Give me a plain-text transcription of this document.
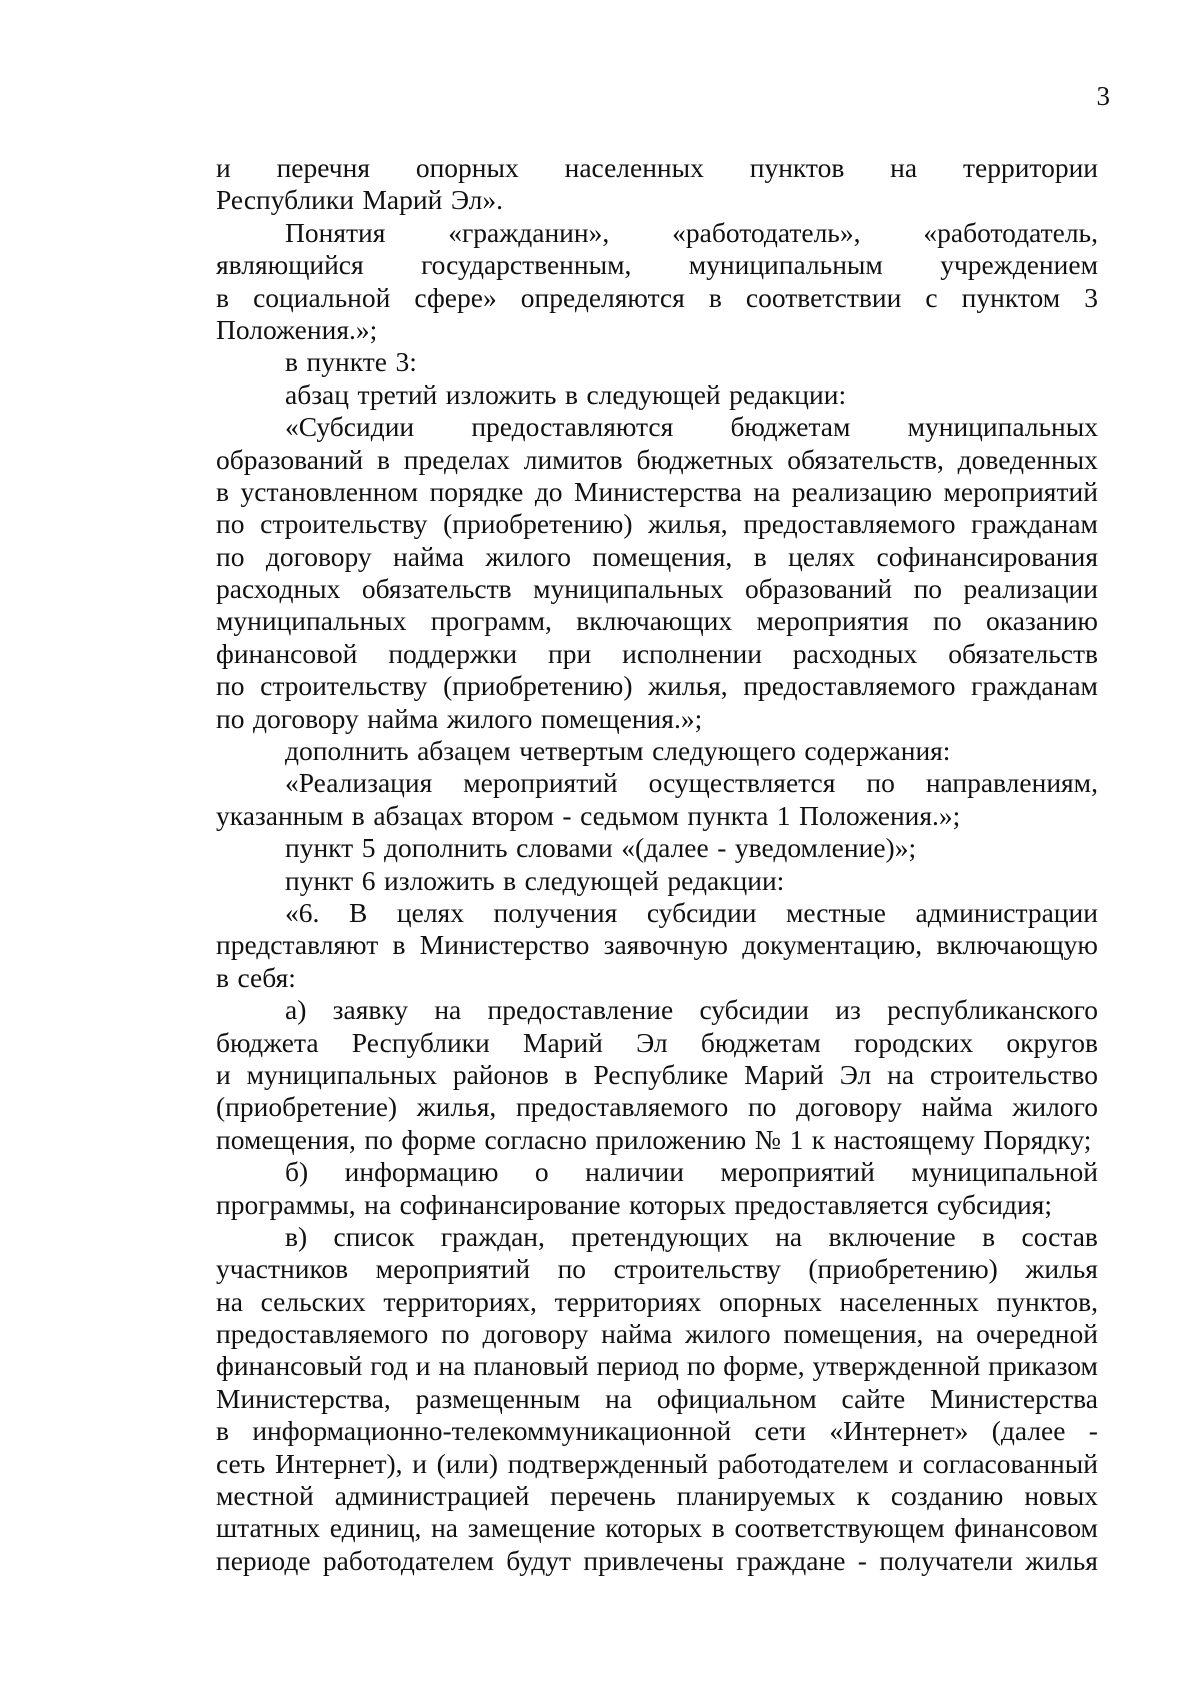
3
и перечня опорных населенных пунктов на территории
Республики Марий Эл».
Понятия «гражданин», «работодатель», «работодатель,
являющийся государственным, муниципальным учреждением
в социальной сфере» определяются в соответствии с пунктом 3
Положения.»;
в пункте 3:
абзац третий изложить в следующей редакции:
«Субсидии предоставляются бюджетам муниципальных
образований в пределах лимитов бюджетных обязательств, доведенных
в установленном порядке до Министерства на реализацию мероприятий
по строительству (приобретению) жилья, предоставляемого гражданам
по договору найма жилого помещения, в целях софинансирования
расходных обязательств муниципальных образований по реализации
муниципальных программ, включающих мероприятия по оказанию
финансовой поддержки при исполнении расходных обязательств
по строительству (приобретению) жилья, предоставляемого гражданам
по договору найма жилого помещения.»;
дополнить абзацем четвертым следующего содержания:
«Реализация мероприятий осуществляется по направлениям,
указанным в абзацах втором - седьмом пункта 1 Положения.»;
пункт 5 дополнить словами «(далее - уведомление)»;
пункт 6 изложить в следующей редакции:
«6. В целях получения субсидии местные администрации
представляют в Министерство заявочную документацию, включающую
в себя:
а) заявку на предоставление субсидии из республиканского
бюджета Республики Марий Эл бюджетам городских округов
и муниципальных районов в Республике Марий Эл на строительство
(приобретение) жилья, предоставляемого по договору найма жилого
помещения, по форме согласно приложению № 1 к настоящему Порядку;
б) информацию о наличии мероприятий муниципальной
программы, на софинансирование которых предоставляется субсидия;
в) список граждан, претендующих на включение в состав
участников мероприятий по строительству (приобретению) жилья
на сельских территориях, территориях опорных населенных пунктов,
предоставляемого по договору найма жилого помещения, на очередной
финансовый год и на плановый период по форме, утвержденной приказом
Министерства, размещенным на официальном сайте Министерства
в информационно-телекоммуникационной сети «Интернет» (далее -
сеть Интернет), и (или) подтвержденный работодателем и согласованный
местной администрацией перечень планируемых к созданию новых
штатных единиц, на замещение которых в соответствующем финансовом
периоде работодателем будут привлечены граждане - получатели жилья
